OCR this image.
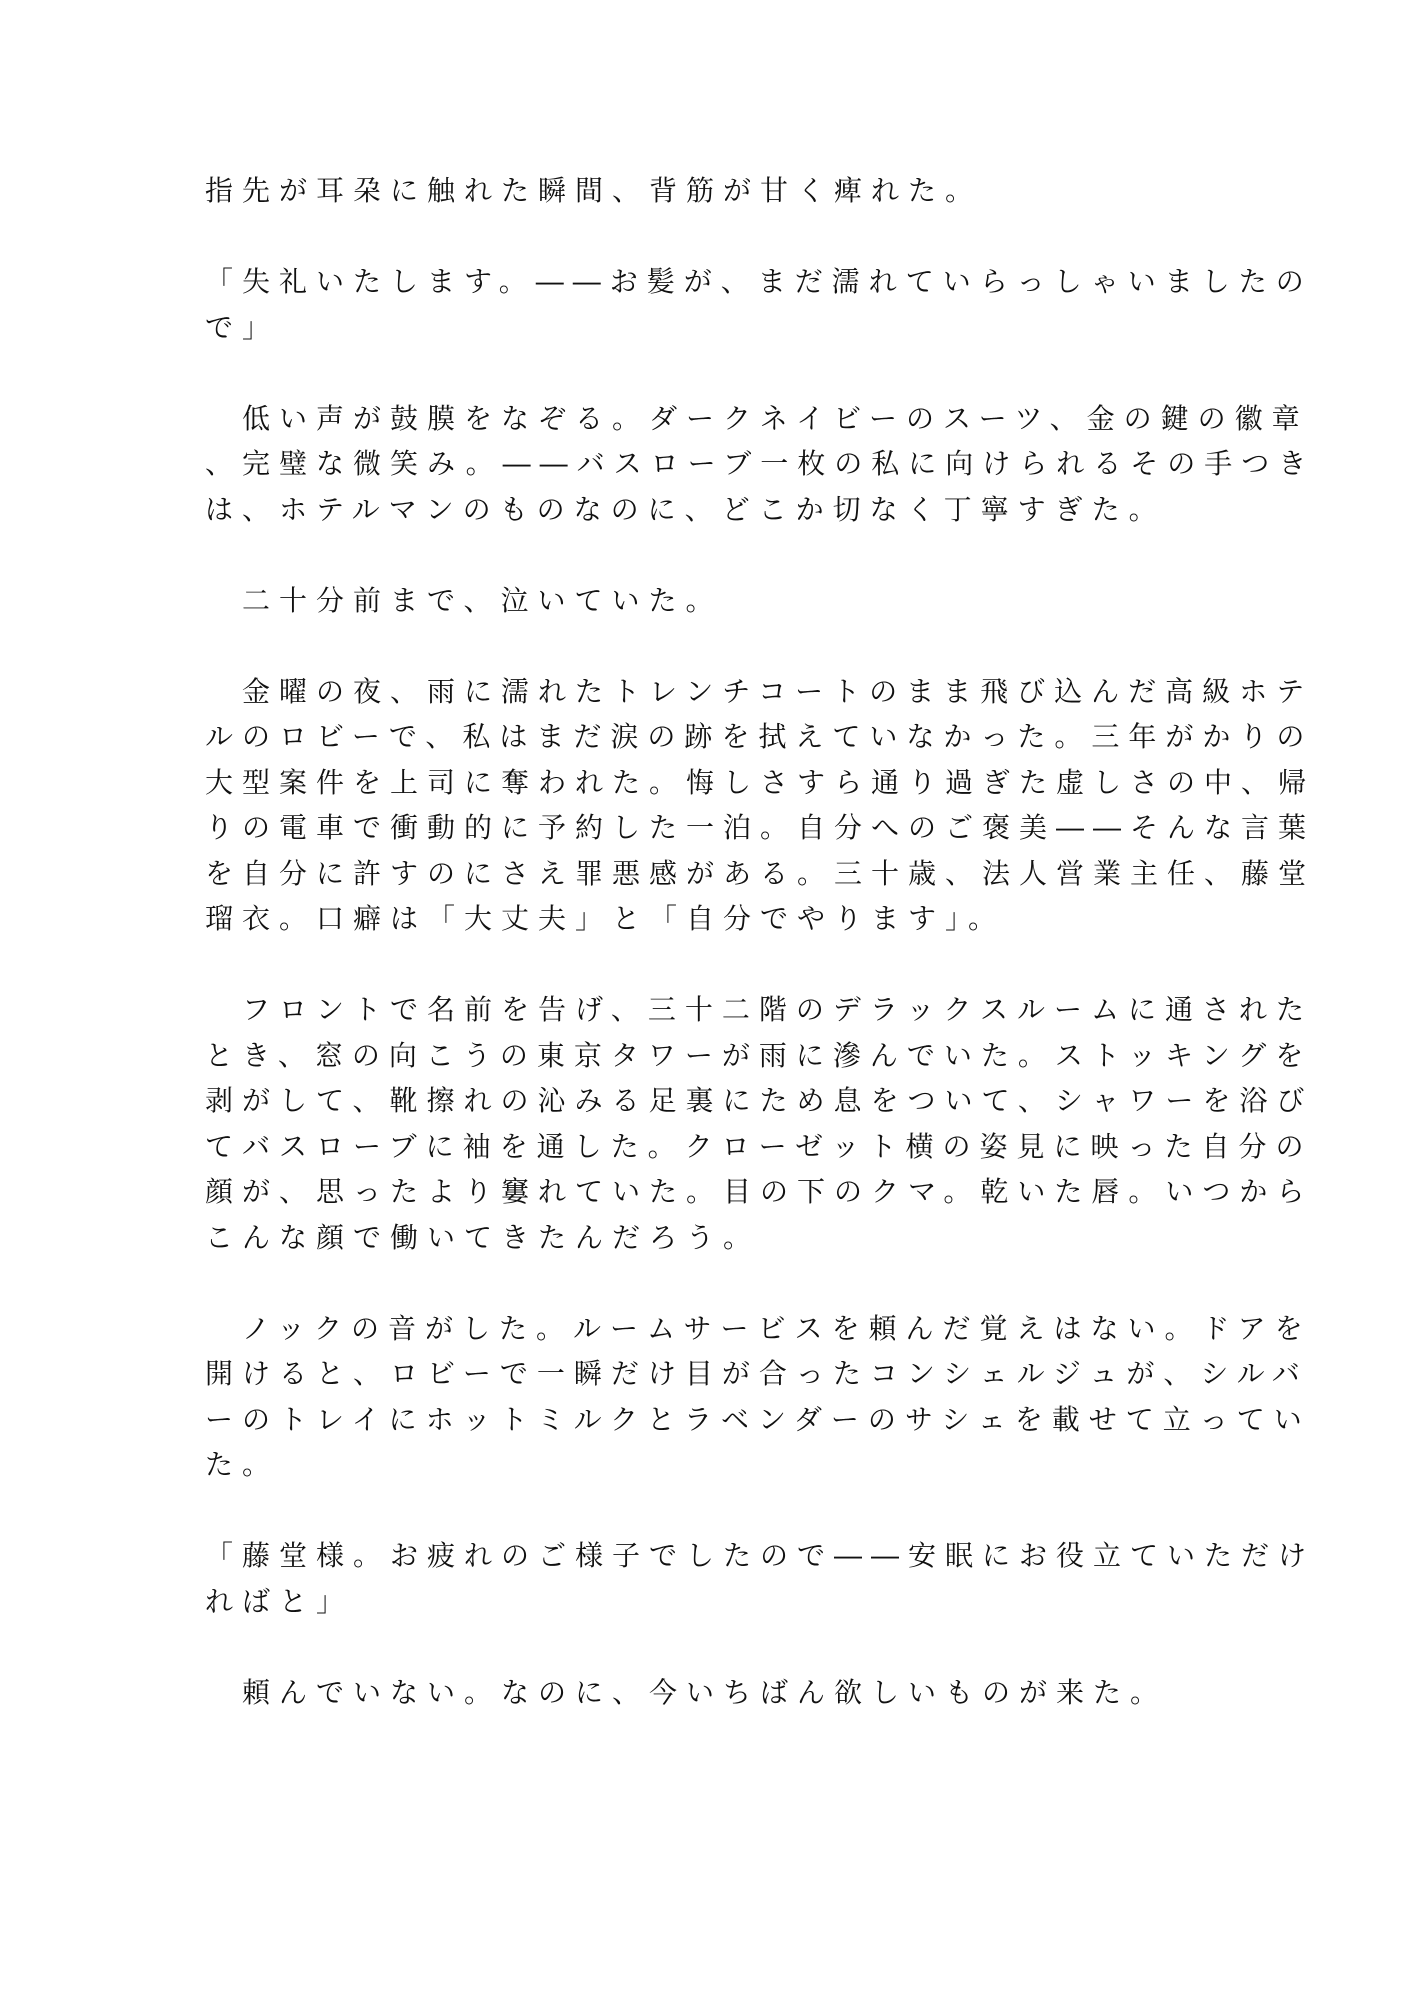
指先が耳朶に触れた瞬間、背筋が甘く痺れた。
「失礼いたします。――お髪が、まだ濡れていらっしゃいましたの
で」
　低い声が鼓膜をなぞる。ダークネイビーのスーツ、金の鍵の徽章
、完璧な微笑み。――バスローブ一枚の私に向けられるその手つき
は、ホテルマンのものなのに、どこか切なく丁寧すぎた。
　二十分前まで、泣いていた。
　金曜の夜、雨に濡れたトレンチコートのまま飛び込んだ高級ホテ
ルのロビーで、私はまだ涙の跡を拭えていなかった。三年がかりの
大型案件を上司に奪われた。悔しさすら通り過ぎた虚しさの中、帰
りの電車で衝動的に予約した一泊。自分へのご褒美――そんな言葉
を自分に許すのにさえ罪悪感がある。三十歳、法人営業主任、藤堂
瑠衣。口癖は「大丈夫」と「自分でやります」。
　フロントで名前を告げ、三十二階のデラックスルームに通された
とき、窓の向こうの東京タワーが雨に滲んでいた。ストッキングを
剥がして、靴擦れの沁みる足裏にため息をついて、シャワーを浴び
てバスローブに袖を通した。クローゼット横の姿見に映った自分の
顔が、思ったより窶れていた。目の下のクマ。乾いた唇。いつから
こんな顔で働いてきたんだろう。
　ノックの音がした。ルームサービスを頼んだ覚えはない。ドアを
開けると、ロビーで一瞬だけ目が合ったコンシェルジュが、シルバ
ーのトレイにホットミルクとラベンダーのサシェを載せて立ってい
た。
「藤堂様。お疲れのご様子でしたので――安眠にお役立ていただけ
ればと」
　頼んでいない。なのに、今いちばん欲しいものが来た。
